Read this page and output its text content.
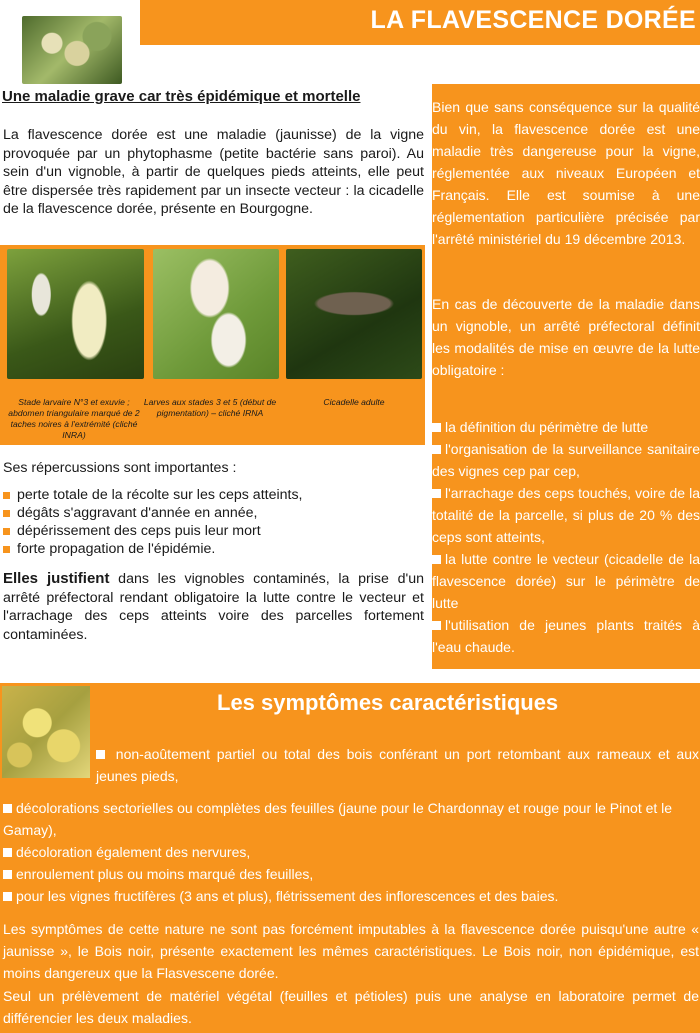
LA FLAVESCENCE DORÉE
Une maladie grave car très épidémique et mortelle
La flavescence dorée est une maladie (jaunisse) de la vigne provoquée par un phytophasme (petite bactérie sans paroi). Au sein d'un vignoble, à partir de quelques pieds atteints, elle peut être dispersée très rapidement par un insecte vecteur : la cicadelle de la flavescence dorée, présente en Bourgogne.
Stade larvaire N°3 et exuvie ; abdomen triangulaire marqué de 2 taches noires à l'extrémité (cliché INRA)
Larves aux stades 3 et 5 (début de pigmentation) – cliché IRNA
Cicadelle adulte
Ses répercussions sont importantes :
perte totale de la récolte sur les ceps atteints,
dégâts s'aggravant d'année en année,
dépérissement des ceps puis leur mort
forte propagation de l'épidémie.
Elles justifient dans les vignobles contaminés, la prise d'un arrêté préfectoral rendant obligatoire la lutte contre le vecteur et l'arrachage des ceps atteints voire des parcelles fortement contaminées.
Bien que sans conséquence sur la qualité du vin, la flavescence dorée est une maladie très dangereuse pour la vigne, réglementée aux niveaux Européen et Français. Elle est soumise à une réglementation particulière précisée par l'arrêté ministériel du 19 décembre 2013.
En cas de découverte de la maladie dans un vignoble, un arrêté préfectoral définit les modalités de mise en œuvre de la lutte obligatoire :
la définition du périmètre de lutte
l'organisation de la surveillance sanitaire des vignes cep par cep,
l'arrachage des ceps touchés, voire de la totalité de la parcelle, si plus de 20 % des ceps sont atteints,
la lutte contre le vecteur (cicadelle de la flavescence dorée) sur le périmètre de lutte
l'utilisation de jeunes plants traités à l'eau chaude.
Les symptômes caractéristiques
non-aoûtement partiel ou total des bois conférant un port retombant aux rameaux et aux jeunes pieds,
décolorations sectorielles ou complètes des feuilles (jaune pour le Chardonnay et rouge pour le Pinot et le Gamay),
décoloration également des nervures,
enroulement plus ou moins marqué des feuilles,
pour les vignes fructifères (3 ans et plus), flétrissement des inflorescences et des baies.
Les symptômes de cette nature ne sont pas forcément imputables à la flavescence dorée puisqu'une autre « jaunisse », le Bois noir, présente exactement les mêmes caractéristiques. Le Bois noir, non épidémique, est moins dangereux que la Flasvescene dorée.
Seul un prélèvement de matériel végétal (feuilles et pétioles) puis une analyse en laboratoire permet de différencier les deux maladies.
